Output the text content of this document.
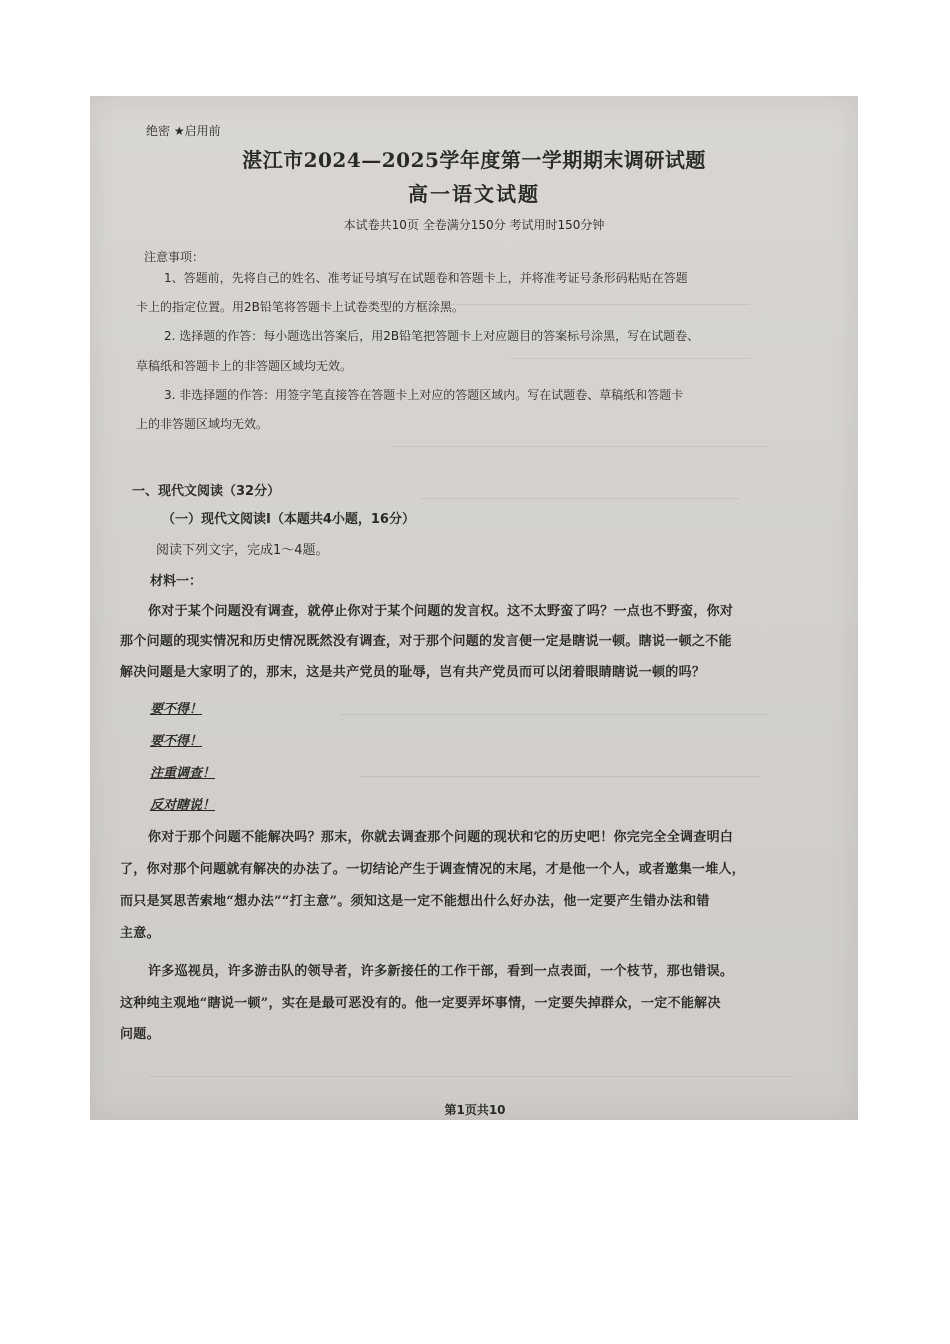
绝密 ★启用前
湛江市2024—2025学年度第一学期期末调研试题
高一语文试题
本试卷共10页 全卷满分150分 考试用时150分钟
注意事项：
1、答题前，先将自己的姓名、准考证号填写在试题卷和答题卡上，并将准考证号条形码粘贴在答题
卡上的指定位置。用2B铅笔将答题卡上试卷类型的方框涂黑。
2. 选择题的作答：每小题选出答案后，用2B铅笔把答题卡上对应题目的答案标号涂黑，写在试题卷、
草稿纸和答题卡上的非答题区域均无效。
3. 非选择题的作答：用签字笔直接答在答题卡上对应的答题区域内。写在试题卷、草稿纸和答题卡
上的非答题区域均无效。
一、现代文阅读（32分）
（一）现代文阅读Ⅰ（本题共4小题，16分）
阅读下列文字，完成1～4题。
材料一：
你对于某个问题没有调查，就停止你对于某个问题的发言权。这不太野蛮了吗？一点也不野蛮，你对
那个问题的现实情况和历史情况既然没有调查，对于那个问题的发言便一定是瞎说一顿。瞎说一顿之不能
解决问题是大家明了的，那末，这是共产党员的耻辱，岂有共产党员而可以闭着眼睛瞎说一顿的吗？
要不得！
要不得！
注重调查！
反对瞎说！
你对于那个问题不能解决吗？那末，你就去调查那个问题的现状和它的历史吧！你完完全全调查明白
了，你对那个问题就有解决的办法了。一切结论产生于调查情况的末尾，才是他一个人，或者邀集一堆人，
而只是冥思苦索地“想办法”“打主意”。须知这是一定不能想出什么好办法，他一定要产生错办法和错
主意。
许多巡视员，许多游击队的领导者，许多新接任的工作干部，看到一点表面，一个枝节，那也错误。
这种纯主观地“瞎说一顿”，实在是最可恶没有的。他一定要弄坏事情，一定要失掉群众，一定不能解决
问题。
第1页共10
